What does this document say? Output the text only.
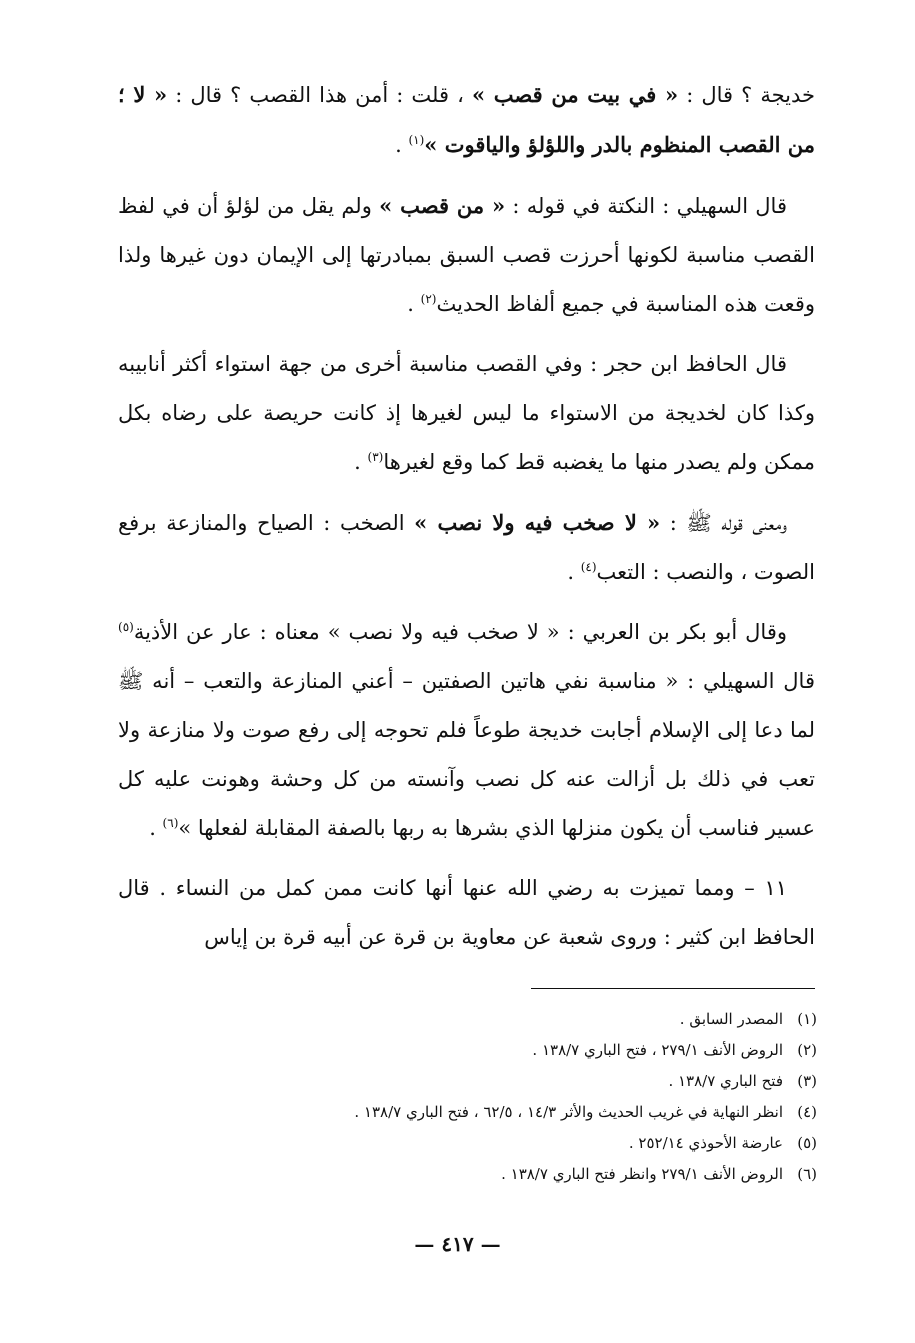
خديجة ؟ قال : « في بيت من قصب » ، قلت : أمن هذا القصب ؟ قال : « لا ؛ من القصب المنظوم بالدر واللؤلؤ والياقوت »$^{(١)}$ .

قال السهيلي : النكتة في قوله : « من قصب » ولم يقل من لؤلؤ أن في لفظ القصب مناسبة لكونها أحرزت قصب السبق بمبادرتها إلى الإيمان دون غيرها ولذا وقعت هذه المناسبة في جميع ألفاظ الحديث$^{(٢)}$ .

قال الحافظ ابن حجر : وفي القصب مناسبة أخرى من جهة استواء أكثر أنابيبه وكذا كان لخديجة من الاستواء ما ليس لغيرها إذ كانت حريصة على رضاه بكل ممكن ولم يصدر منها ما يغضبه قط كما وقع لغيرها$^{(٣)}$ .

ومعنى قوله ﷺ : « لا صخب فيه ولا نصب » الصخب : الصياح والمنازعة برفع الصوت ، والنصب : التعب$^{(٤)}$ .

وقال أبو بكر بن العربي : « لا صخب فيه ولا نصب » معناه : عار عن الأذية$^{(٥)}$ قال السهيلي : « مناسبة نفي هاتين الصفتين – أعني المنازعة والتعب – أنه ﷺ لما دعا إلى الإسلام أجابت خديجة طوعاً فلم تحوجه إلى رفع صوت ولا منازعة ولا تعب في ذلك بل أزالت عنه كل نصب وآنسته من كل وحشة وهونت عليه كل عسير فناسب أن يكون منزلها الذي بشرها به ربها بالصفة المقابلة لفعلها »$^{(٦)}$ .

١١ – ومما تميزت به رضي الله عنها أنها كانت ممن كمل من النساء . قال الحافظ ابن كثير : وروى شعبة عن معاوية بن قرة عن أبيه قرة بن إياس

(١)المصدر السابق .
(٢)الروض الأنف ٢٧٩/١ ، فتح الباري ١٣٨/٧ .
(٣)فتح الباري ١٣٨/٧ .
(٤)انظر النهاية في غريب الحديث والأثر ١٤/٣ ، ٦٢/٥ ، فتح الباري ١٣٨/٧ .
(٥)عارضة الأحوذي ٢٥٢/١٤ .
(٦)الروض الأنف ٢٧٩/١ وانظر فتح الباري ١٣٨/٧ .
— ٤١٧ —
